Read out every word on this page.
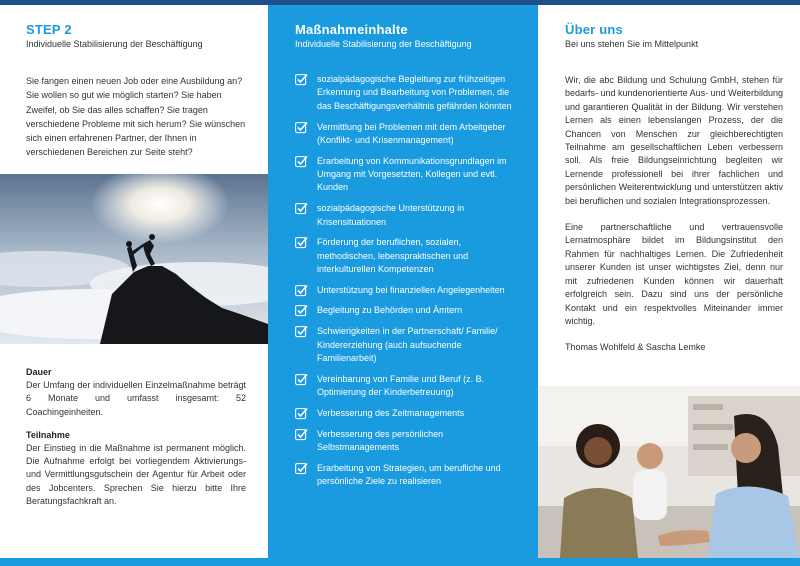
STEP 2
Individuelle Stabilisierung der Beschäftigung

Sie fangen einen neuen Job oder eine Ausbildung an? Sie wollen so gut wie möglich starten? Sie haben Zweifel, ob Sie das alles schaffen? Sie tragen verschiedene Probleme mit sich herum? Sie wünschen sich einen erfahrenen Partner, der Ihnen in verschiedenen Bereichen zur Seite steht?

Dauer

Der Umfang der individuellen Einzelmaßnahme beträgt 6 Monate und umfasst insgesamt: 52 Coachingeinheiten.

Teilnahme

Der Einstieg in die Maßnahme ist permanent möglich. Die Aufnahme erfolgt bei vorliegendem Aktivierungs- und Vermittlungsgutschein der Agentur für Arbeit oder des Jobcenters. Sprechen Sie hierzu bitte Ihre Beratungsfachkraft an.

Maßnahmeinhalte
Individuelle Stabilisierung der Beschäftigung
sozialpädagogische Begleitung zur frühzeitigen Erkennung und Bearbeitung von Problemen, die das Beschäftigungsverhältnis gefährden könnten
Vermittlung bei Problemen mit dem Arbeitgeber (Konflikt- und Krisenmanagement)
Erarbeitung von Kommunikationsgrundlagen im Umgang mit Vorgesetzten, Kollegen und evtl. Kunden
sozialpädagogische Unterstützung in Krisensituationen
Förderung der beruflichen, sozialen, methodischen, lebenspraktischen und interkulturellen Kompetenzen
Unterstützung bei finanziellen Angelegenheiten
Begleitung zu Behörden und Ämtern
Schwierigkeiten in der Partnerschaft/ Familie/ Kindererziehung (auch aufsuchende Familienarbeit)
Vereinbarung von Familie und Beruf (z. B. Optimierung der Kinderbetreuung)
Verbesserung des Zeitmanagements
Verbesserung des persönlichen Selbstmanagements
Erarbeitung von Strategien, um berufliche und persönliche Ziele zu realisieren
Über uns
Bei uns stehen Sie im Mittelpunkt

Wir, die abc Bildung und Schulung GmbH, stehen für bedarfs- und kundenorientierte Aus- und Weiterbildung und garantieren Qualität in der Bildung. Wir verstehen Lernen als einen lebenslangen Prozess, der die Chancen von Menschen zur gleichberechtigten Teilnahme am gesellschaftlichen Leben verbessern soll. Als freie Bildungseinrichtung begleiten wir Lernende professionell bei ihrer fachlichen und persönlichen Weiterentwicklung und unterstützen aktiv bei beruflichen und sozialen Integrationsprozessen.

Eine partnerschaftliche und vertrauensvolle Lernatmosphäre bildet im Bildungsinstitut den Rahmen für nachhaltiges Lernen. Die Zufriedenheit unserer Kunden ist unser wichtigstes Ziel, denn nur mit zufriedenen Kunden können wir dauerhaft erfolgreich sein. Dazu sind uns der persönliche Kontakt und ein respektvolles Miteinander immer wichtig.

Thomas Wohlfeld & Sascha Lemke
